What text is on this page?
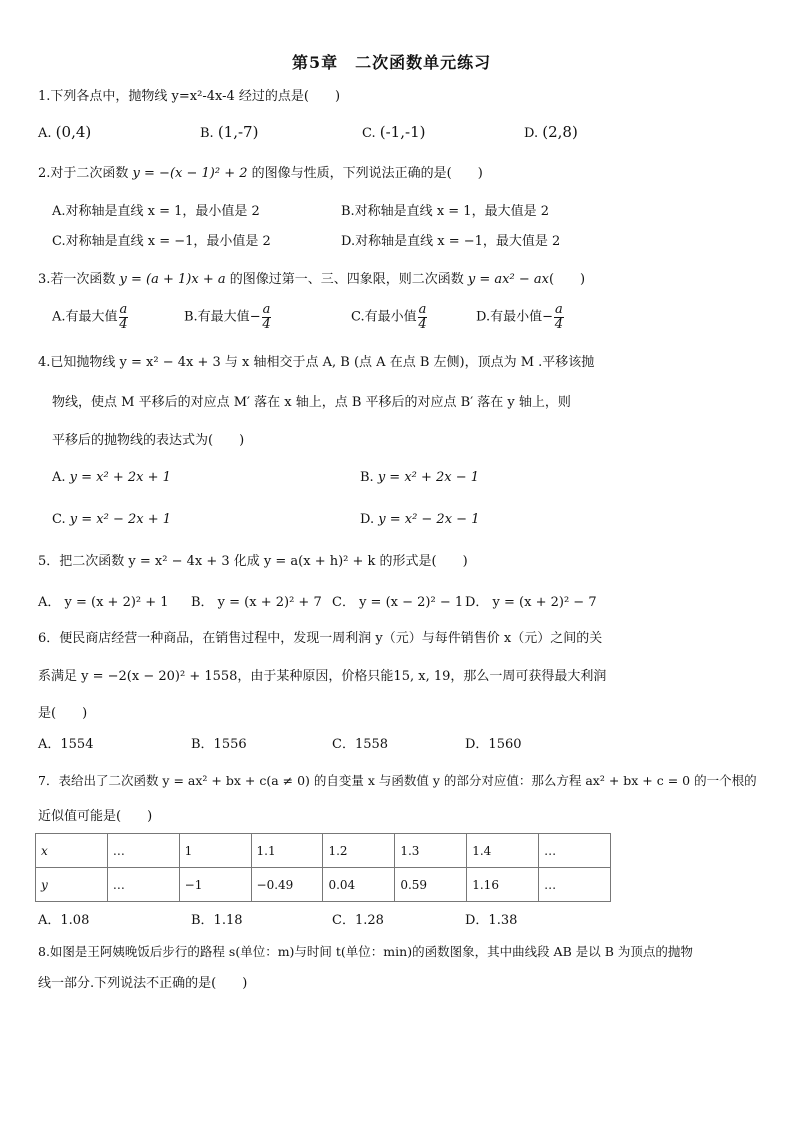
第5章　二次函数单元练习
1.下列各点中，抛物线 y=x²-4x-4 经过的点是(　　)
A. (0,4)	B. (1,-7)	C. (-1,-1)	D. (2,8)
2.对于二次函数 y = −(x − 1)² + 2 的图像与性质，下列说法正确的是(　　)
A.对称轴是直线 x = 1，最小值是 2	B.对称轴是直线 x = 1，最大值是 2
C.对称轴是直线 x = −1，最小值是 2	D.对称轴是直线 x = −1，最大值是 2
3.若一次函数 y = (a + 1)x + a 的图像过第一、三、四象限，则二次函数 y = ax² − ax(　　)
A.有最大值 $\frac{a}{4}$	B.有最大值− $\frac{a}{4}$	C.有最小值 $\frac{a}{4}$	D.有最小值− $\frac{a}{4}$
4.已知抛物线 y = x² − 4x + 3 与 x 轴相交于点 A, B (点 A 在点 B 左侧)，顶点为 M .平移该抛
物线，使点 M 平移后的对应点 M′ 落在 x 轴上，点 B 平移后的对应点 B′ 落在 y 轴上，则
平移后的抛物线的表达式为(　　)
A. y = x² + 2x + 1	B. y = x² + 2x − 1
C. y = x² − 2x + 1	D. y = x² − 2x − 1
5．把二次函数 y = x² − 4x + 3 化成 y = a(x + h)² + k 的形式是(　　)
A． y = (x + 2)² + 1 B． y = (x + 2)² + 7 C． y = (x − 2)² − 1 D． y = (x + 2)² − 7
6．便民商店经营一种商品，在销售过程中，发现一周利润 y（元）与每件销售价 x（元）之间的关
系满足 y = −2(x − 20)² + 1558，由于某种原因，价格只能15, x, 19，那么一周可获得最大利润
是(　　)
A．1554	B．1556	C．1558	D．1560
7．表给出了二次函数 y = ax² + bx + c(a ≠ 0) 的自变量 x 与函数值 y 的部分对应值：那么方程 ax² + bx + c = 0 的一个根的
近似值可能是(　　)
x	…	1	1.1	1.2	1.3	1.4	…
y	…	−1	−0.49	0.04	0.59	1.16	…
A．1.08	B．1.18	C．1.28	D．1.38
8.如图是王阿姨晚饭后步行的路程 s(单位：m)与时间 t(单位：min)的函数图象，其中曲线段 AB 是以 B 为顶点的抛物
线一部分.下列说法不正确的是(　　)
